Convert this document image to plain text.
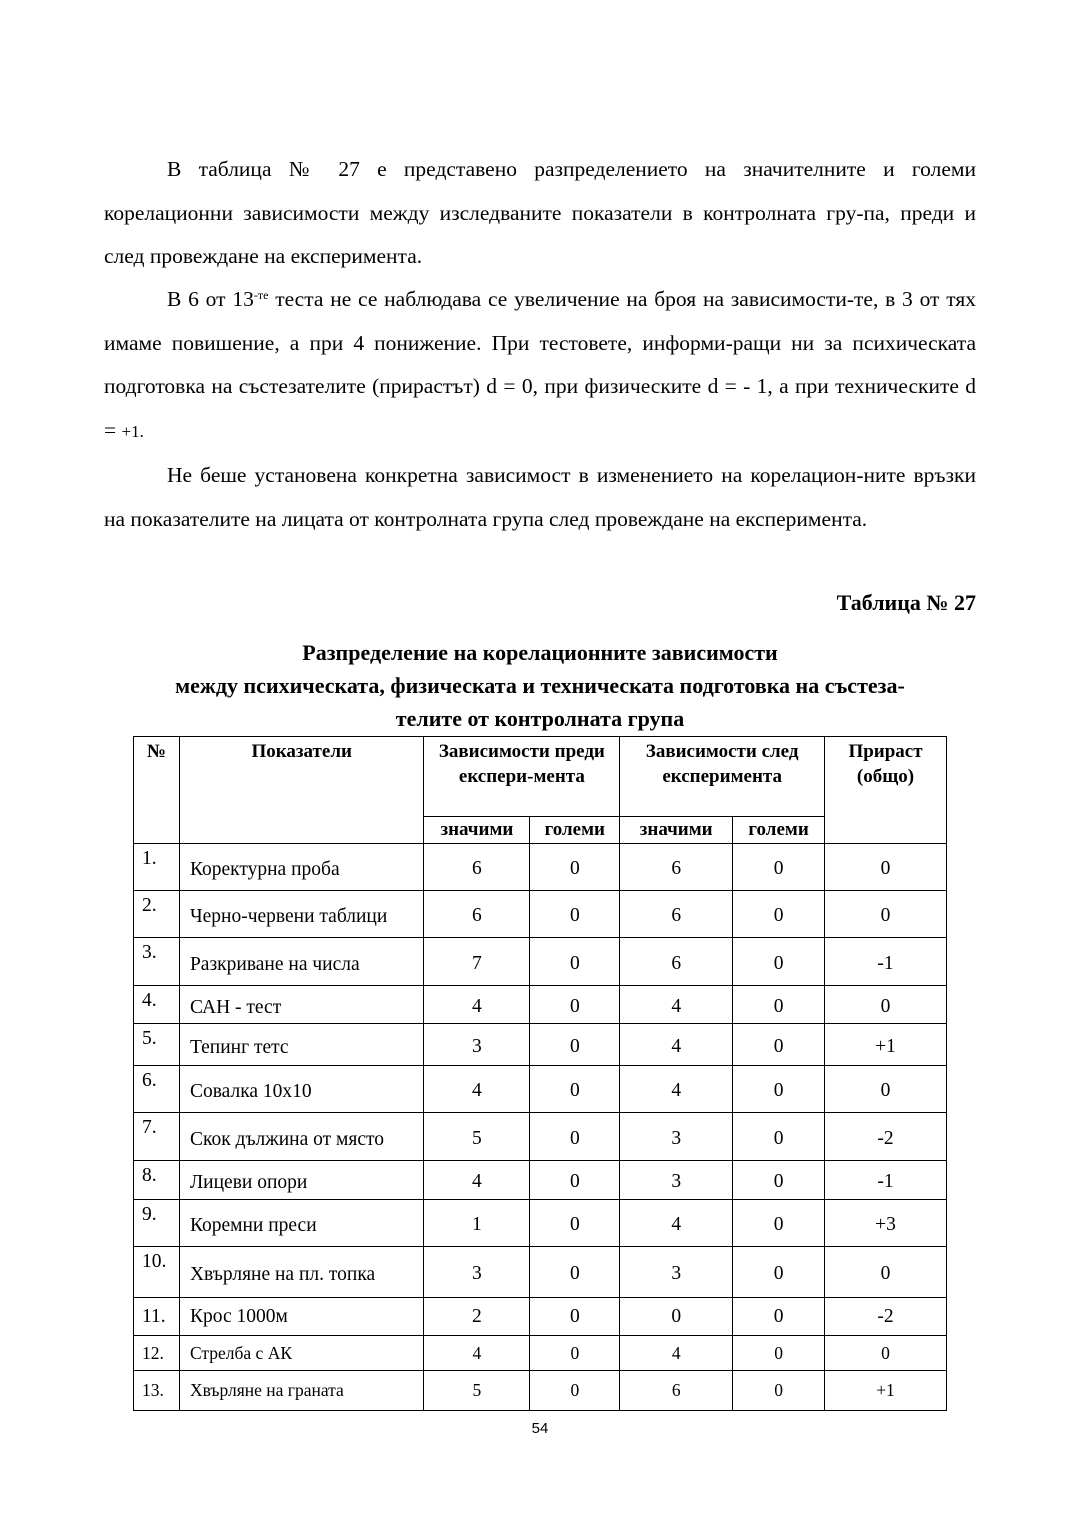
В таблица № 27 е представено разпределението на значителните и големи корелационни зависимости между изследваните показатели в контролната гру-па, преди и след провеждане на експеримента.

В 6 от $13^{-те}$ теста не се наблюдава се увеличение на броя на зависимости-те, в 3 от тях имаме повишение, а при 4 понижение. При тестовете, информи-ращи ни за психическата подготовка на състезателите (прирастът) d = 0, при физическите d = - 1, а при техническите d = +1.

Не беше установена конкретна зависимост в изменението на корелацион-ните връзки на показателите на лицата от контролната група след провеждане на експеримента.

Таблица № 27
Разпределение на корелационните зависимости
между психическата, физическата и техническата подготовка на състеза-
телите от контролната група
№	Показатели	Зависимости преди експери-мента		Зависимости след експеримента		Прираст (общо)
		значими	големи	значими	големи	
1.	Коректурна проба	6	0	6	0	0
2.	Черно-червени таблици	6	0	6	0	0
3.	Разкриване на числа	7	0	6	0	-1
4.	САН - тест	4	0	4	0	0
5.	Тепинг тетс	3	0	4	0	+1
6.	Совалка 10х10	4	0	4	0	0
7.	Скок дължина от място	5	0	3	0	-2
8.	Лицеви опори	4	0	3	0	-1
9.	Коремни преси	1	0	4	0	+3
10.	Хвърляне на пл. топка	3	0	3	0	0
11.	Крос 1000м	2	0	0	0	-2
12.	Стрелба с АК	4	0	4	0	0
13.	Хвърляне на граната	5	0	6	0	+1
54
